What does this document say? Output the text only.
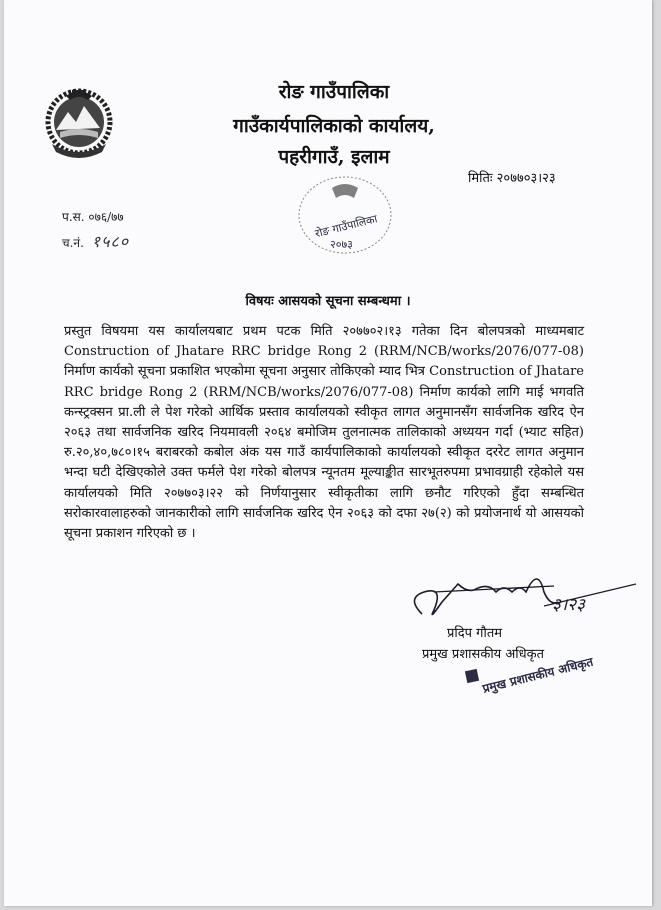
रोङ गाउँपालिका
गाउँकार्यपालिकाको कार्यालय,
पहरीगाउँ, इलाम
मितिः २०७७०३।२३
प.स. ०७६/७७
च.नं. १५८०
रोङ गाउँपालिका
२०७३
विषयः आसयको सूचना सम्बन्धमा ।
प्रस्तुत विषयमा यस कार्यालयबाट प्रथम पटक मिति २०७७०२।१३ गतेका दिन बोलपत्रको माध्यमबाट Construction of Jhatare RRC bridge Rong 2 (RRM/NCB/works/2076/077-08) निर्माण कार्यको सूचना प्रकाशित भएकोमा सूचना अनुसार तोकिएको म्याद भित्र Construction of Jhatare RRC bridge Rong 2 (RRM/NCB/works/2076/077-08) निर्माण कार्यको लागि माई भगवति कन्स्ट्रक्सन प्रा.ली ले पेश गरेको आर्थिक प्रस्ताव कार्यालयको स्वीकृत लागत अनुमानसँग सार्वजनिक खरिद ऐन २०६३ तथा सार्वजनिक खरिद नियमावली २०६४ बमोजिम तुलनात्मक तालिकाको अध्ययन गर्दा (भ्याट सहित) रु.२०,४०,७८०।१५ बराबरको कबोल अंक यस गाउँ कार्यपालिकाको कार्यालयको स्वीकृत दररेट लागत अनुमान भन्दा घटी देखिएकोले उक्त फर्मले पेश गरेको बोलपत्र न्यूनतम मूल्याङ्कीत सारभूतरुपमा प्रभावग्राही रहेकोले यस कार्यालयको मिति २०७७०३।२२ को निर्णयानुसार स्वीकृतीका लागि छनौट गरिएको हुँदा सम्बन्धित सरोकारवालाहरुको जानकारीको लागि सार्वजनिक खरिद ऐन २०६३ को दफा २७(२) को प्रयोजनार्थ यो आसयको सूचना प्रकाशन गरिएको छ ।
३।२३
प्रदिप गौतम
प्रमुख प्रशासकीय अधिकृत
प्रमुख प्रशासकीय अधिकृत
